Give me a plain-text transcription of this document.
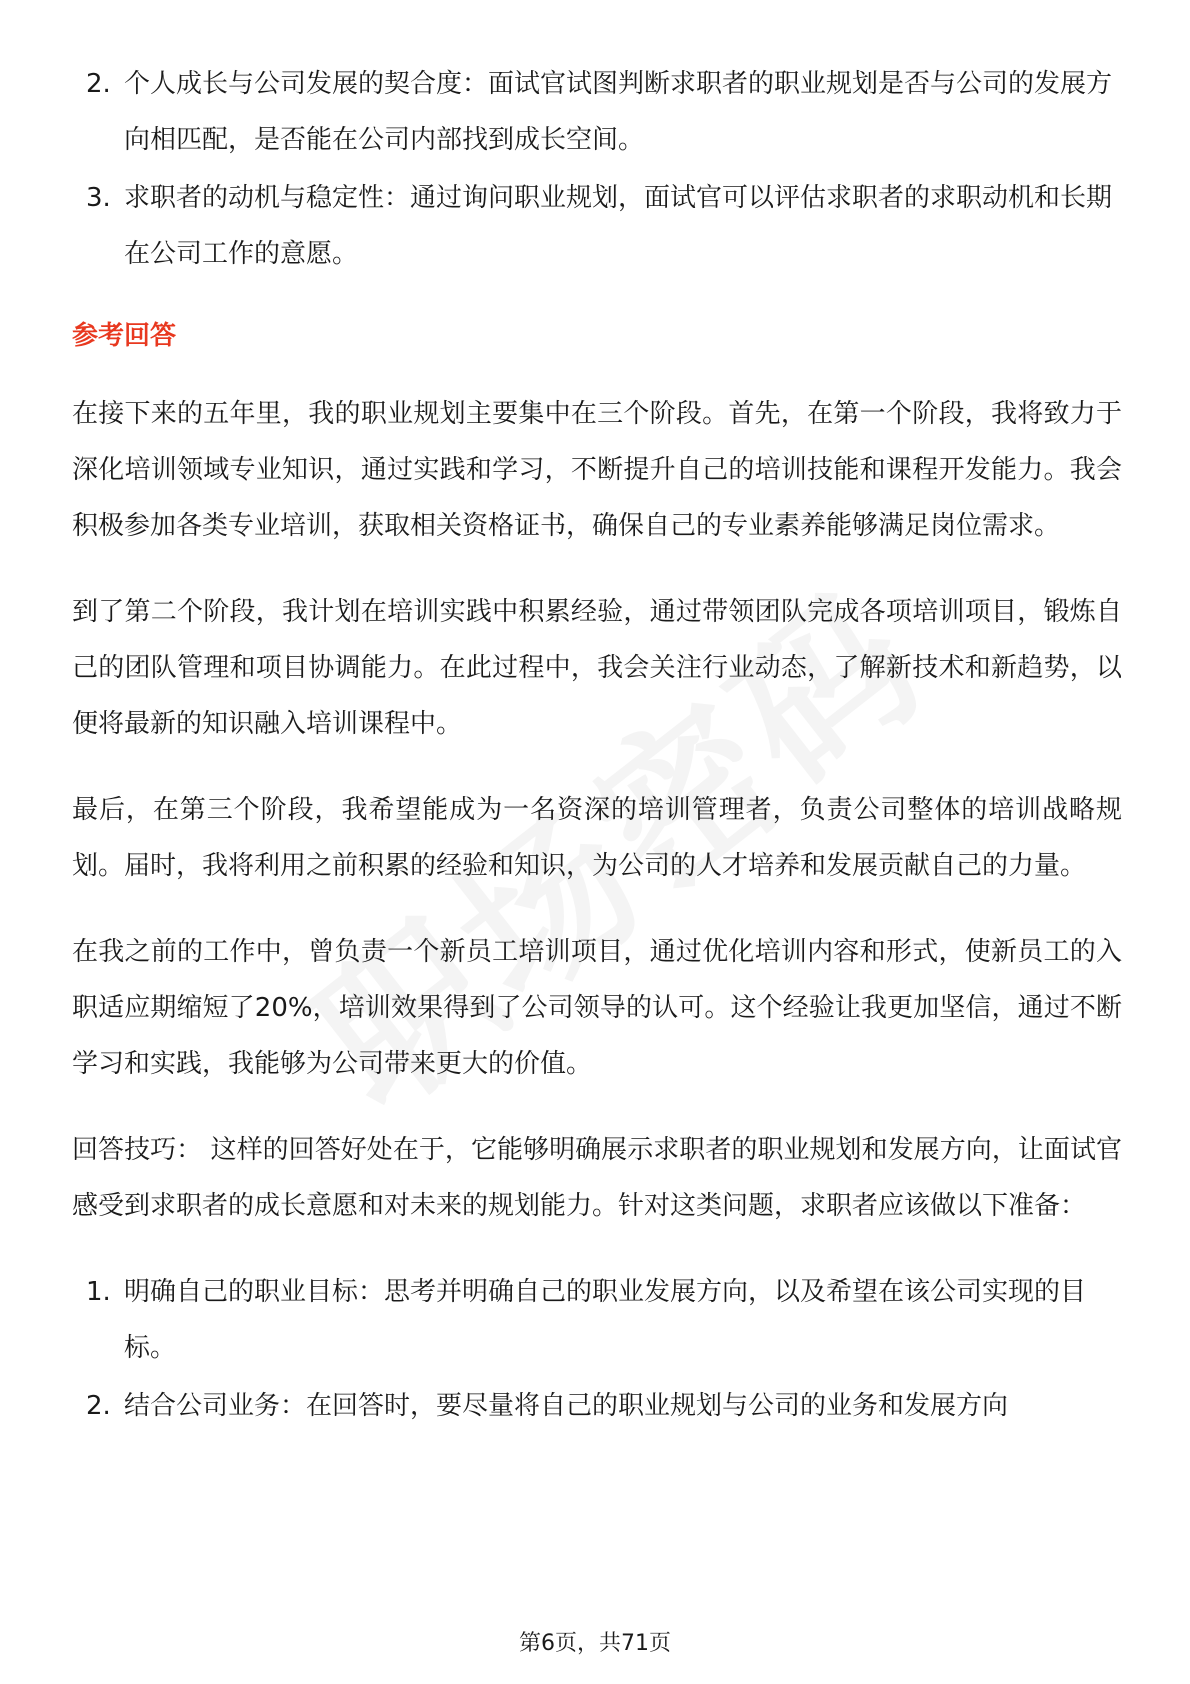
2. 个人成长与公司发展的契合度：面试官试图判断求职者的职业规划是否与公司的发展方向相匹配，是否能在公司内部找到成长空间。
3. 求职者的动机与稳定性：通过询问职业规划，面试官可以评估求职者的求职动机和长期在公司工作的意愿。
参考回答

在接下来的五年里，我的职业规划主要集中在三个阶段。首先，在第一个阶段，我将致力于深化培训领域专业知识，通过实践和学习，不断提升自己的培训技能和课程开发能力。我会积极参加各类专业培训，获取相关资格证书，确保自己的专业素养能够满足岗位需求。

到了第二个阶段，我计划在培训实践中积累经验，通过带领团队完成各项培训项目，锻炼自己的团队管理和项目协调能力。在此过程中，我会关注行业动态，了解新技术和新趋势，以便将最新的知识融入培训课程中。

最后，在第三个阶段，我希望能成为一名资深的培训管理者，负责公司整体的培训战略规划。届时，我将利用之前积累的经验和知识，为公司的人才培养和发展贡献自己的力量。

在我之前的工作中，曾负责一个新员工培训项目，通过优化培训内容和形式，使新员工的入职适应期缩短了20%，培训效果得到了公司领导的认可。这个经验让我更加坚信，通过不断学习和实践，我能够为公司带来更大的价值。

回答技巧： 这样的回答好处在于，它能够明确展示求职者的职业规划和发展方向，让面试官感受到求职者的成长意愿和对未来的规划能力。针对这类问题，求职者应该做以下准备：

1. 明确自己的职业目标：思考并明确自己的职业发展方向，以及希望在该公司实现的目标。
2. 结合公司业务：在回答时，要尽量将自己的职业规划与公司的业务和发展方向
第6页，共71页
